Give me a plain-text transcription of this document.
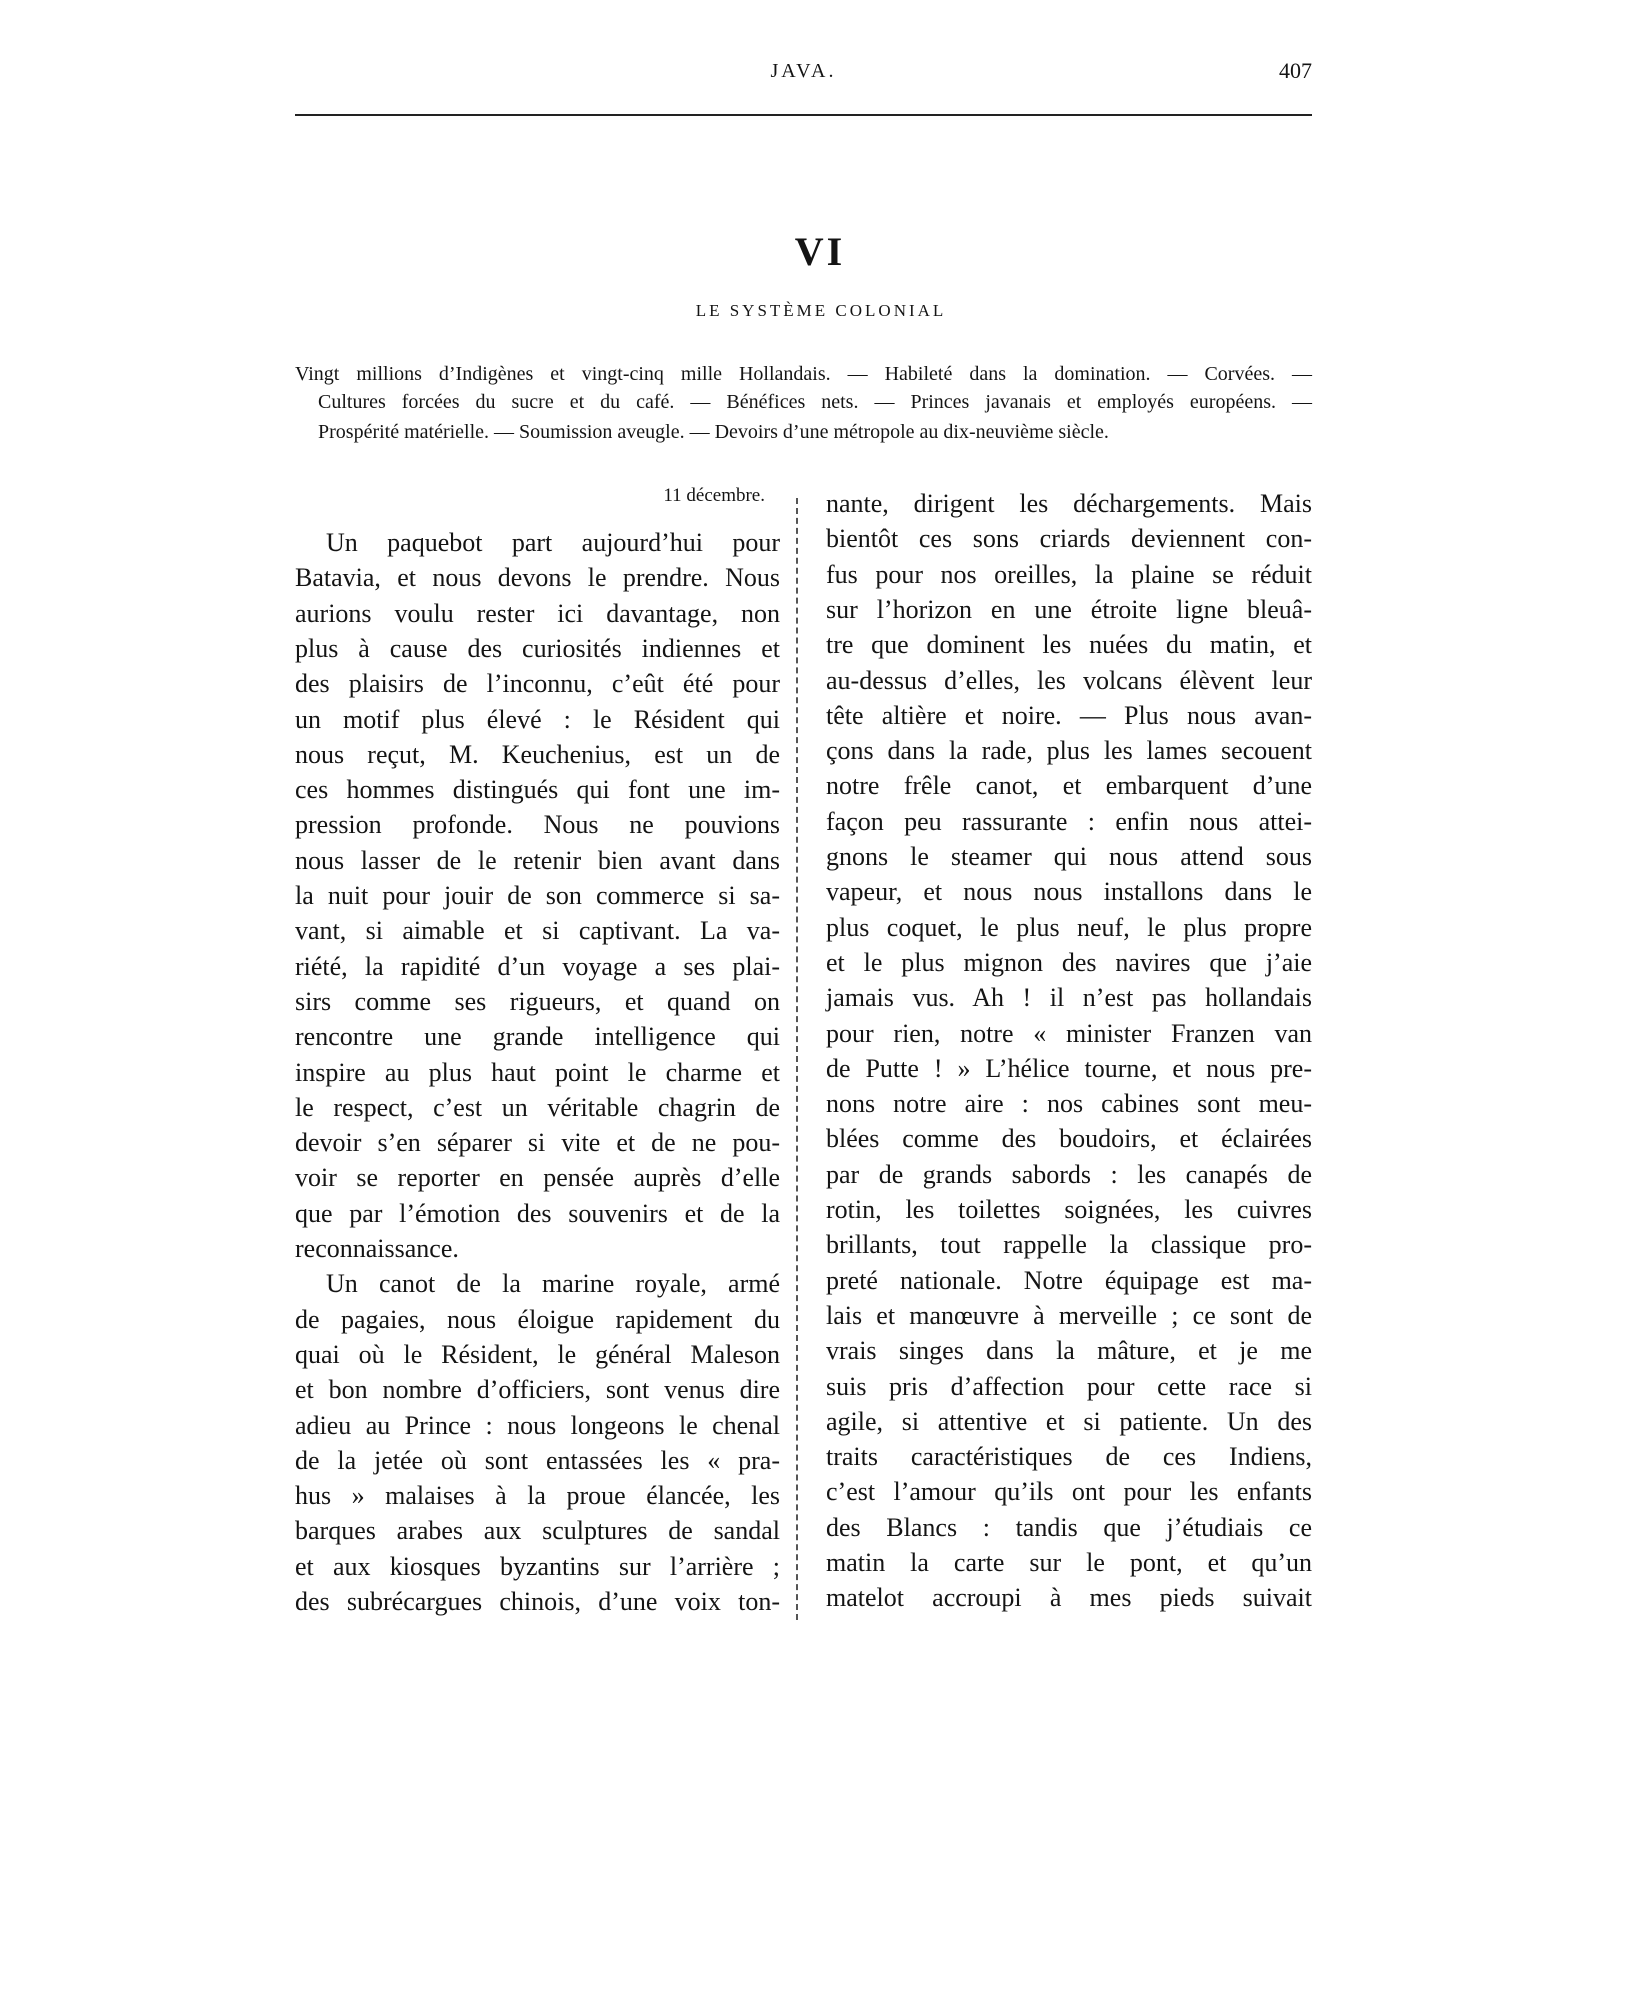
JAVA.	407
VI
LE SYSTÈME COLONIAL
Vingt millions d’Indigènes et vingt-cinq mille Hollandais. — Habileté dans la domination. — Corvées. —
Cultures forcées du sucre et du café. — Bénéfices nets. — Princes javanais et employés européens. —
Prospérité matérielle. — Soumission aveugle. — Devoirs d’une métropole au dix-neuvième siècle.
11 décembre.
Un paquebot part aujourd’hui pour
Batavia, et nous devons le prendre. Nous
aurions voulu rester ici davantage, non
plus à cause des curiosités indiennes et
des plaisirs de l’inconnu, c’eût été pour
un motif plus élevé : le Résident qui
nous reçut, M. Keuchenius, est un de
ces hommes distingués qui font une im-
pression profonde. Nous ne pouvions
nous lasser de le retenir bien avant dans
la nuit pour jouir de son commerce si sa-
vant, si aimable et si captivant. La va-
riété, la rapidité d’un voyage a ses plai-
sirs comme ses rigueurs, et quand on
rencontre une grande intelligence qui
inspire au plus haut point le charme et
le respect, c’est un véritable chagrin de
devoir s’en séparer si vite et de ne pou-
voir se reporter en pensée auprès d’elle
que par l’émotion des souvenirs et de la
reconnaissance.
Un canot de la marine royale, armé
de pagaies, nous éloigue rapidement du
quai où le Résident, le général Maleson
et bon nombre d’officiers, sont venus dire
adieu au Prince : nous longeons le chenal
de la jetée où sont entassées les « pra-
hus » malaises à la proue élancée, les
barques arabes aux sculptures de sandal
et aux kiosques byzantins sur l’arrière ;
des subrécargues chinois, d’une voix ton-
nante, dirigent les déchargements. Mais
bientôt ces sons criards deviennent con-
fus pour nos oreilles, la plaine se réduit
sur l’horizon en une étroite ligne bleuâ-
tre que dominent les nuées du matin, et
au-dessus d’elles, les volcans élèvent leur
tête altière et noire. — Plus nous avan-
çons dans la rade, plus les lames secouent
notre frêle canot, et embarquent d’une
façon peu rassurante : enfin nous attei-
gnons le steamer qui nous attend sous
vapeur, et nous nous installons dans le
plus coquet, le plus neuf, le plus propre
et le plus mignon des navires que j’aie
jamais vus. Ah ! il n’est pas hollandais
pour rien, notre « minister Franzen van
de Putte ! » L’hélice tourne, et nous pre-
nons notre aire : nos cabines sont meu-
blées comme des boudoirs, et éclairées
par de grands sabords : les canapés de
rotin, les toilettes soignées, les cuivres
brillants, tout rappelle la classique pro-
preté nationale. Notre équipage est ma-
lais et manœuvre à merveille ; ce sont de
vrais singes dans la mâture, et je me
suis pris d’affection pour cette race si
agile, si attentive et si patiente. Un des
traits caractéristiques de ces Indiens,
c’est l’amour qu’ils ont pour les enfants
des Blancs : tandis que j’étudiais ce
matin la carte sur le pont, et qu’un
matelot accroupi à mes pieds suivait
